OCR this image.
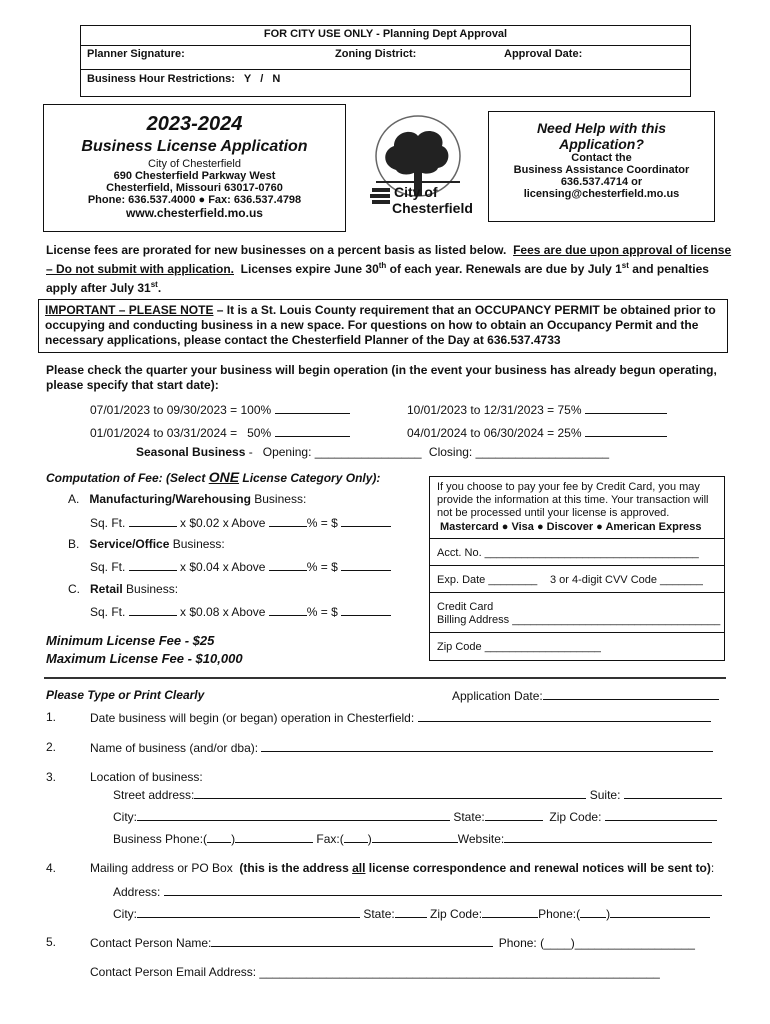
FOR CITY USE ONLY - Planning Dept Approval
Planner Signature:	Zoning District:	Approval Date:
Business Hour Restrictions:   Y   /   N
2023-2024
Business License Application
City of Chesterfield
690 Chesterfield Parkway West
Chesterfield, Missouri 63017-0760
Phone: 636.537.4000 ● Fax: 636.537.4798
www.chesterfield.mo.us
City of
Chesterfield
Need Help with this
Application?
Contact the
Business Assistance Coordinator
636.537.4714 or
licensing@chesterfield.mo.us
License fees are prorated for new businesses on a percent basis as listed below.  Fees are due upon approval of license – Do not submit with application.  Licenses expire June 30th of each year. Renewals are due by July 1st and penalties apply after July 31st.
IMPORTANT – PLEASE NOTE – It is a St. Louis County requirement that an OCCUPANCY PERMIT be obtained prior to occupying and conducting business in a new space. For questions on how to obtain an Occupancy Permit and the necessary applications, please contact the Chesterfield Planner of the Day at 636.537.4733
Please check the quarter your business will begin operation (in the event your business has already begun operating, please specify that start date):
07/01/2023 to 09/30/2023 = 100%	10/01/2023 to 12/31/2023 = 75%
01/01/2024 to 03/31/2024 =   50%	04/01/2024 to 06/30/2024 = 25%
Seasonal Business -   Opening: ________________ Closing: ____________________
Computation of Fee: (Select ONE License Category Only):
A. Manufacturing/Warehousing Business:
Sq. Ft.	x $0.02 x Above	% = $
B. Service/Office Business:
Sq. Ft.	x $0.04 x Above	% = $
C. Retail Business:
Sq. Ft.	x $0.08 x Above	% = $
Minimum License Fee - $25
Maximum License Fee - $10,000
If you choose to pay your fee by Credit Card, you may provide the information at this time. Your transaction will not be processed until your license is approved.
Mastercard ● Visa ● Discover ● American Express
Acct. No. ___________________________________
Exp. Date ________ 3 or 4-digit CVV Code _______
Credit Card
Billing Address __________________________________
Zip Code ___________________
Please Type or Print Clearly	Application Date:
1.	Date business will begin (or began) operation in Chesterfield:
2.	Name of business (and/or dba):
3.	Location of business:
Street address:	Suite:
City:	State:	Zip Code:
Business Phone:( )	Fax:( )	Website:
4.	Mailing address or PO Box  (this is the address all license correspondence and renewal notices will be sent to):
Address:
City:	State:	Zip Code:	Phone:( )
5.	Contact Person Name:	Phone: (____)__________________
Contact Person Email Address: ____________________________________________________________
